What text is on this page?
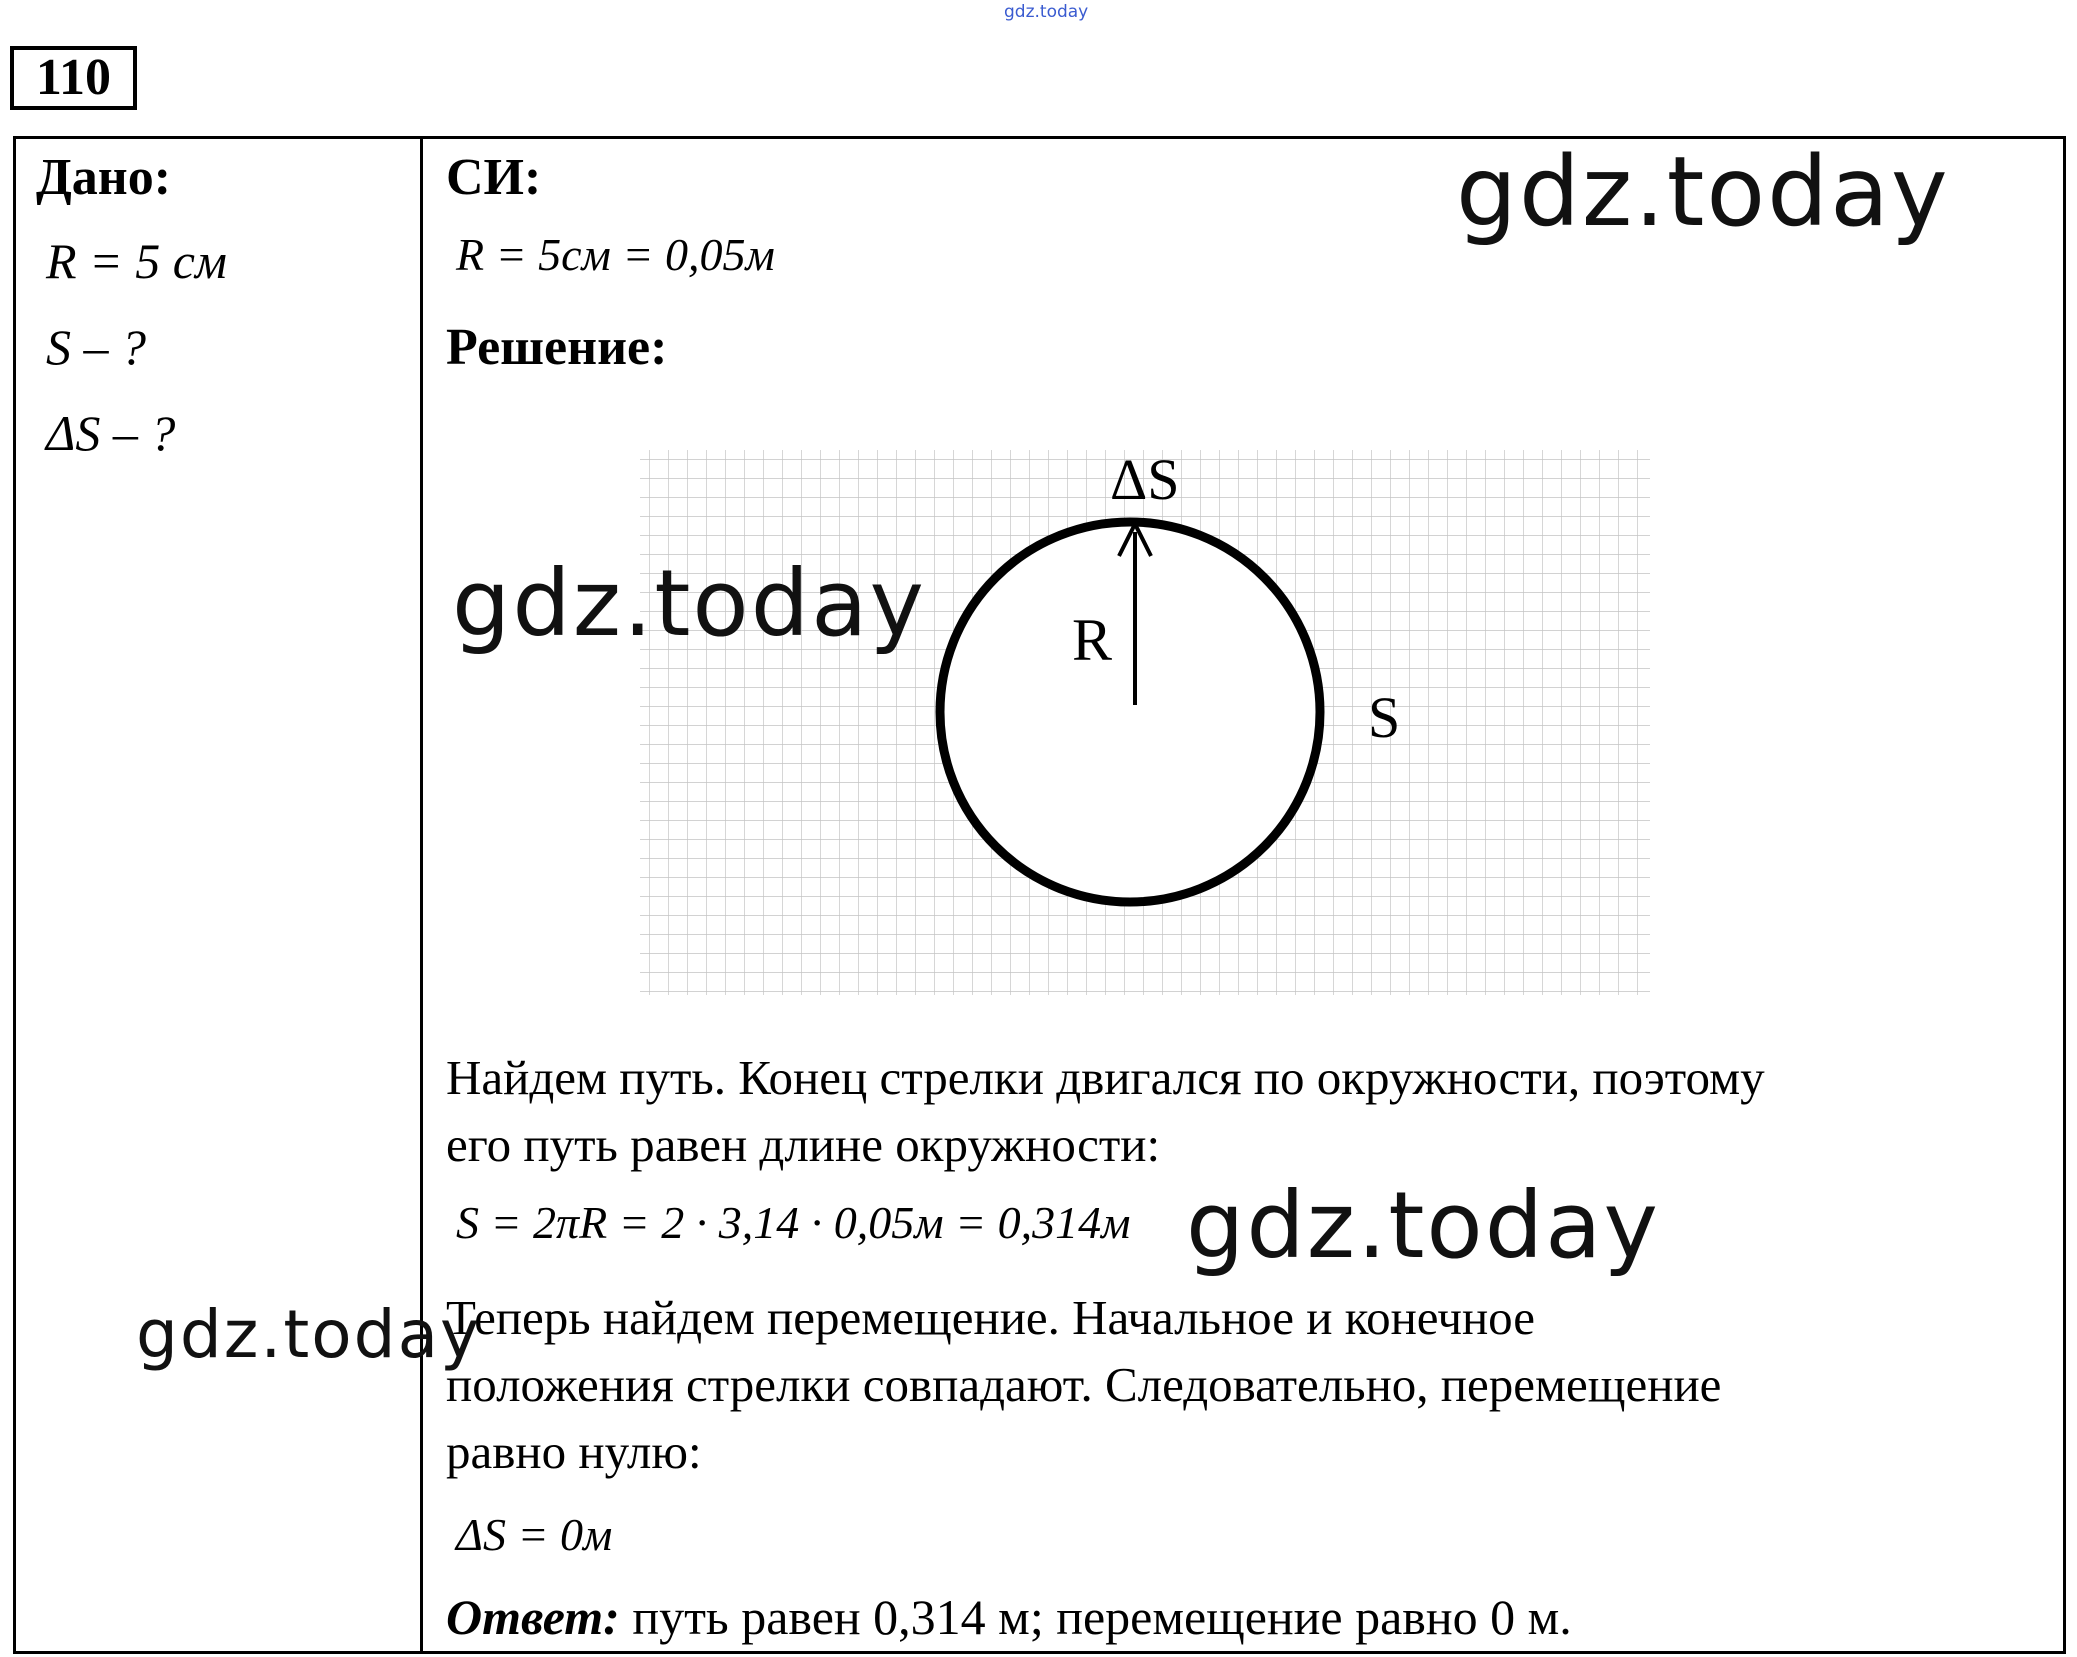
gdz.today
110
Дано:
R = 5 см
S – ?
ΔS – ?
СИ:
R = 5см = 0,05м
Решение:
ΔS
R
S
Найдем путь. Конец стрелки двигался по окружности, поэтому
его путь равен длине окружности:
S = 2πR = 2 · 3,14 · 0,05м = 0,314м
Теперь найдем перемещение. Начальное и конечное
положения стрелки совпадают. Следовательно, перемещение
равно нулю:
ΔS = 0м
Ответ: путь равен 0,314 м; перемещение равно 0 м.
gdz.today
gdz.today
gdz.today
gdz.today
